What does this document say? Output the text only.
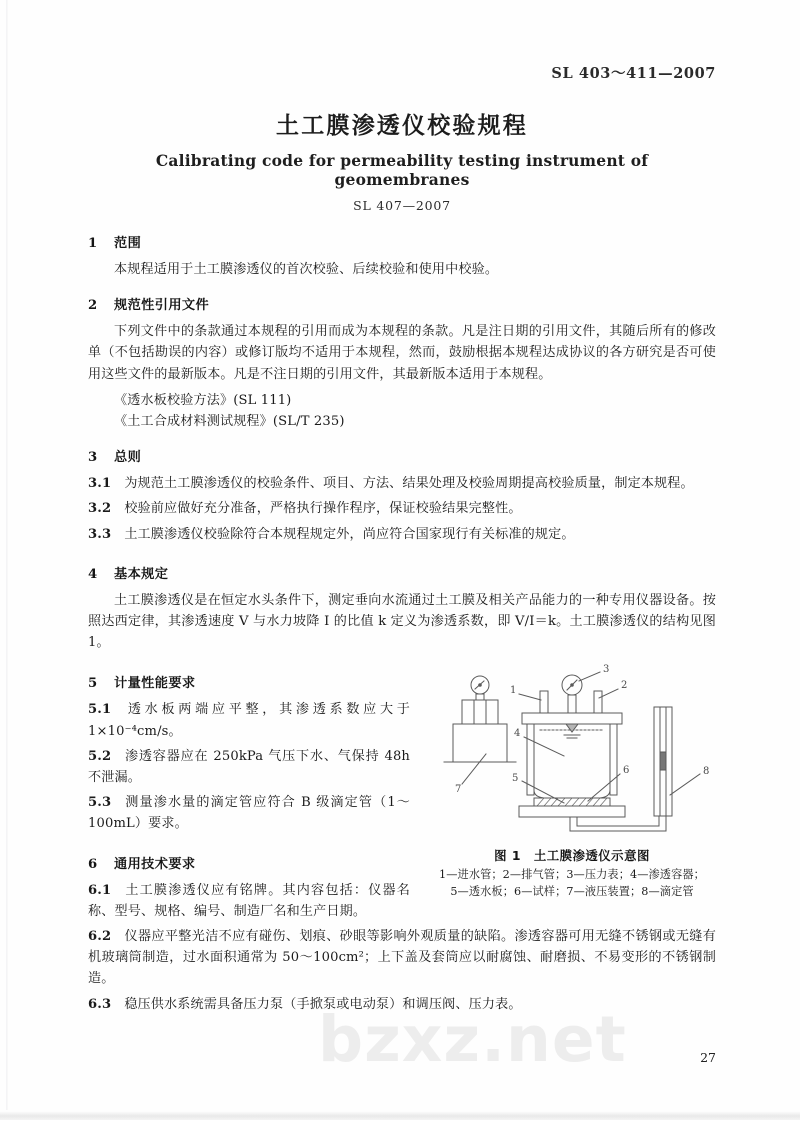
SL 403～411—2007
土工膜渗透仪校验规程
Calibrating code for permeability testing instrument of geomembranes
SL 407—2007
1 范围

本规程适用于土工膜渗透仪的首次校验、后续校验和使用中校验。

2 规范性引用文件

下列文件中的条款通过本规程的引用而成为本规程的条款。凡是注日期的引用文件，其随后所有的修改单（不包括勘误的内容）或修订版均不适用于本规程，然而，鼓励根据本规程达成协议的各方研究是否可使用这些文件的最新版本。凡是不注日期的引用文件，其最新版本适用于本规程。

《透水板校验方法》(SL 111)

《土工合成材料测试规程》(SL/T 235)

3 总则

3.1 为规范土工膜渗透仪的校验条件、项目、方法、结果处理及校验周期提高校验质量，制定本规程。

3.2 校验前应做好充分准备，严格执行操作程序，保证校验结果完整性。

3.3 土工膜渗透仪校验除符合本规程规定外，尚应符合国家现行有关标准的规定。

4 基本规定

土工膜渗透仪是在恒定水头条件下，测定垂向水流通过土工膜及相关产品能力的一种专用仪器设备。按照达西定律，其渗透速度 V 与水力坡降 I 的比值 k 定义为渗透系数，即 V/I＝k。土工膜渗透仪的结构见图 1。

5 计量性能要求

5.1 透水板两端应平整，其渗透系数应大于 1×10⁻⁴cm/s。

5.2 渗透容器应在 250kPa 气压下水、气保持 48h 不泄漏。

5.3 测量渗水量的滴定管应符合 B 级滴定管（1～100mL）要求。

7
1	2
3
4
5
6	8
图 1　土工膜渗透仪示意图
1—进水管；2—排气管；3—压力表；4—渗透容器；
5—透水板；6—试样；7—液压装置；8—滴定管
6 通用技术要求

6.1 土工膜渗透仪应有铭牌。其内容包括：仪器名称、型号、规格、编号、制造厂名和生产日期。

6.2 仪器应平整光洁不应有碰伤、划痕、砂眼等影响外观质量的缺陷。渗透容器可用无缝不锈钢或无缝有机玻璃筒制造，过水面积通常为 50～100cm²；上下盖及套筒应以耐腐蚀、耐磨损、不易变形的不锈钢制造。

6.3 稳压供水系统需具备压力泵（手掀泵或电动泵）和调压阀、压力表。

bzxz.net	27
